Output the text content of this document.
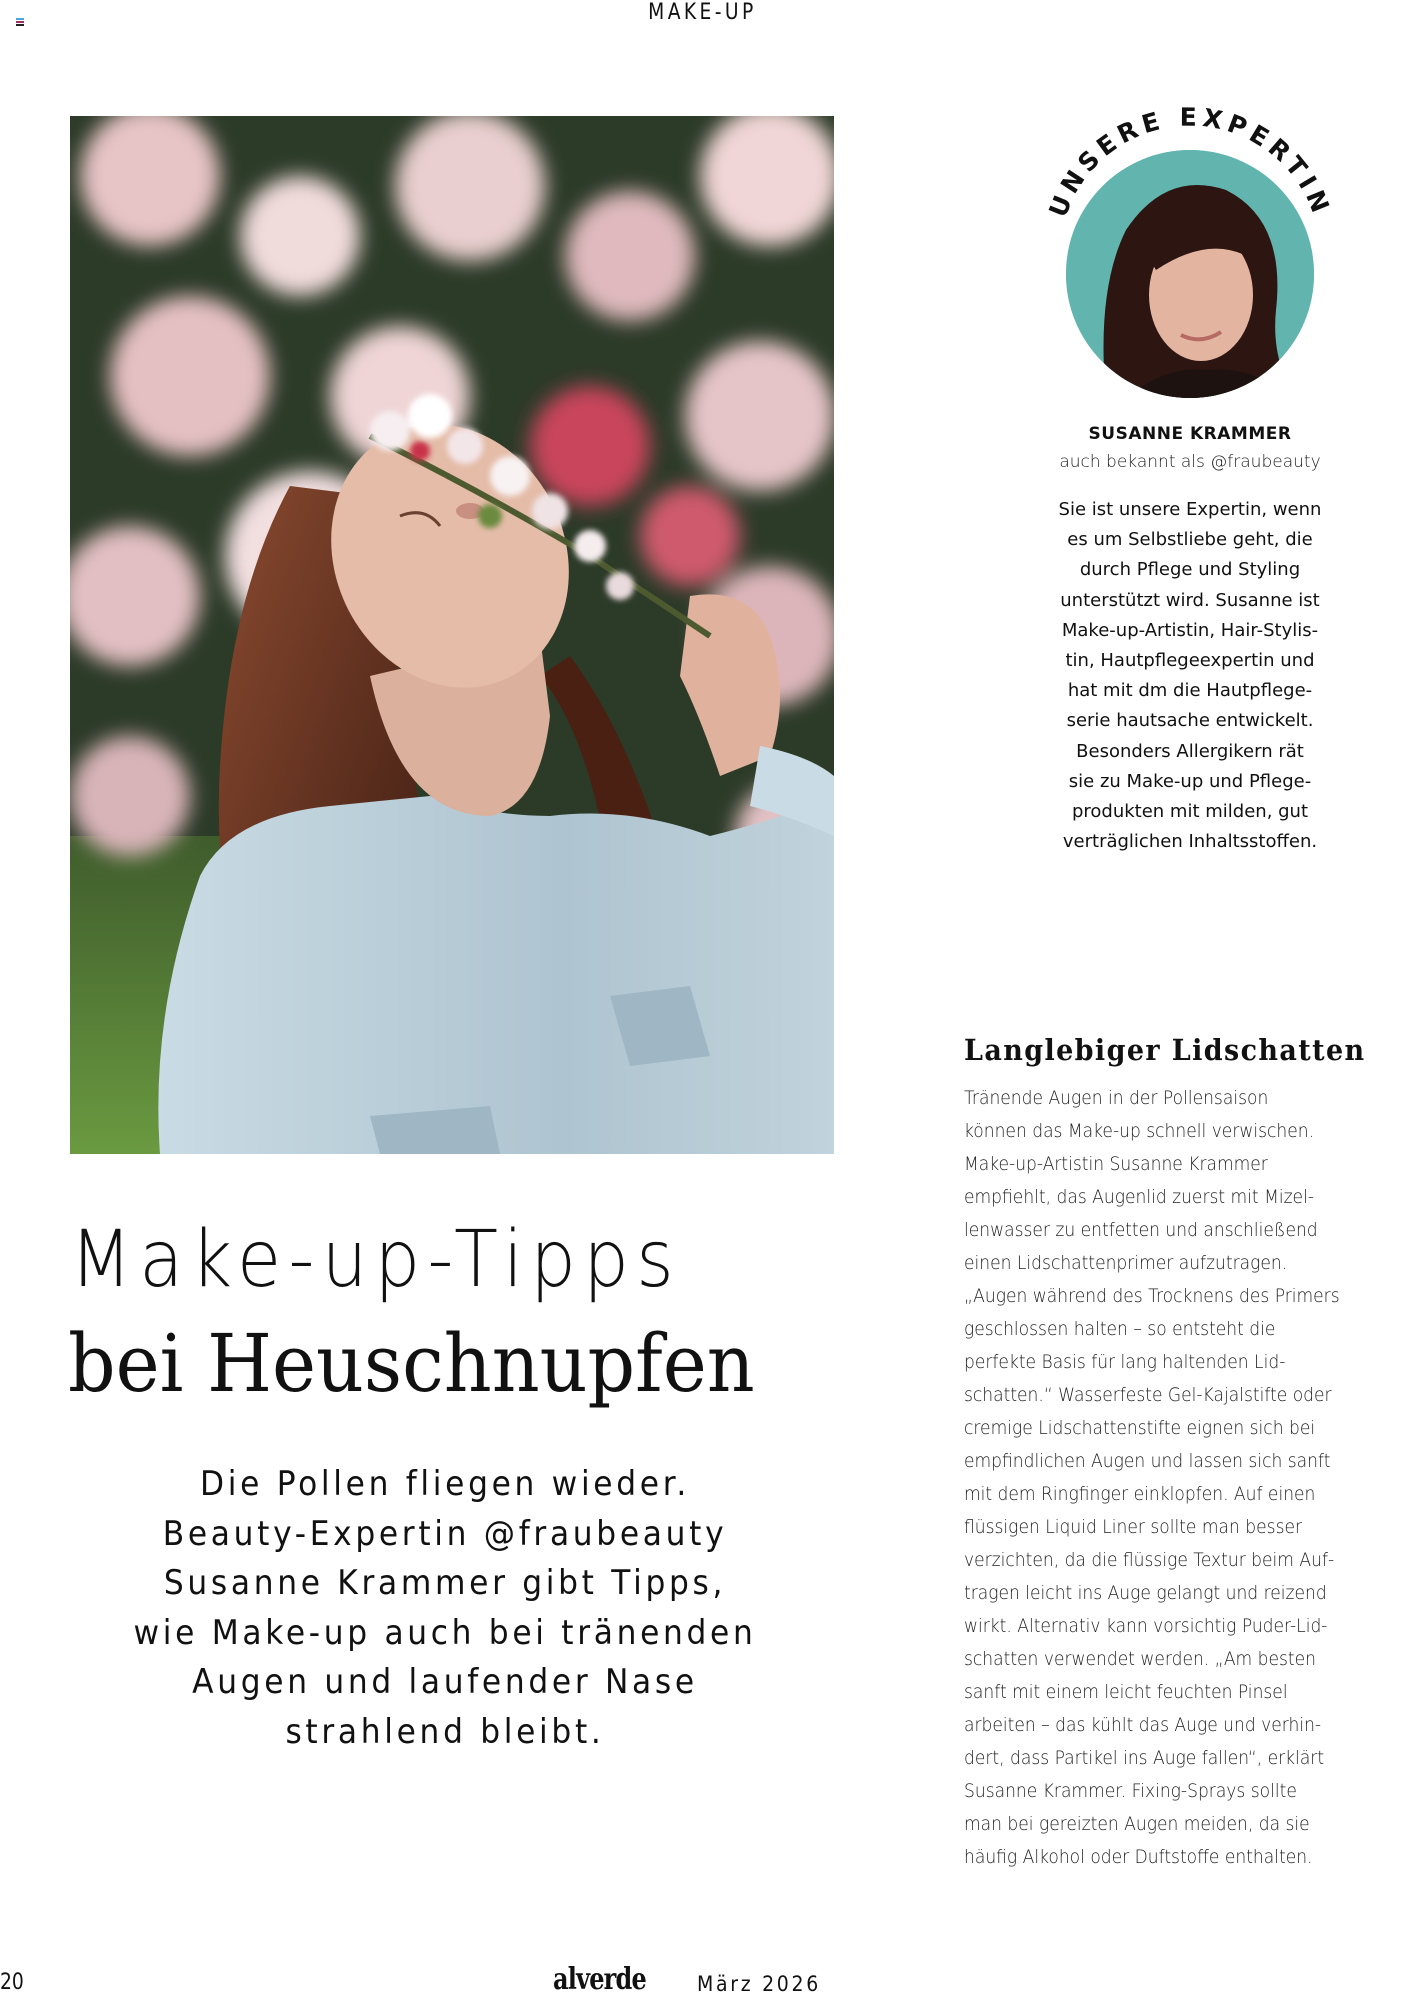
MAKE-UP
UNSERE EXPERTIN
SUSANNE KRAMMER
auch bekannt als @fraubeauty
Sie ist unsere Expertin, wenn
es um Selbstliebe geht, die
durch Pflege und Styling
unterstützt wird. Susanne ist
Make-up-Artistin, Hair-Stylis-
tin, Hautpflegeexpertin und
hat mit dm die Hautpflege-
serie hautsache entwickelt.
Besonders Allergikern rät
sie zu Make-up und Pflege-
produkten mit milden, gut
verträglichen Inhaltsstoffen.
Make-up-Tipps
bei Heuschnupfen
Die Pollen fliegen wieder.
Beauty-Expertin @fraubeauty
Susanne Krammer gibt Tipps,
wie Make-up auch bei tränenden
Augen und laufender Nase
strahlend bleibt.
Langlebiger Lidschatten
Tränende Augen in der Pollensaison
können das Make-up schnell verwischen.
Make-up-Artistin Susanne Krammer
empfiehlt, das Augenlid zuerst mit Mizel-
lenwasser zu entfetten und anschließend
einen Lidschattenprimer aufzutragen.
„Augen während des Trocknens des Primers
geschlossen halten – so entsteht die
perfekte Basis für lang haltenden Lid-
schatten.“ Wasserfeste Gel-Kajalstifte oder
cremige Lidschattenstifte eignen sich bei
empfindlichen Augen und lassen sich sanft
mit dem Ringfinger einklopfen. Auf einen
flüssigen Liquid Liner sollte man besser
verzichten, da die flüssige Textur beim Auf-
tragen leicht ins Auge gelangt und reizend
wirkt. Alternativ kann vorsichtig Puder-Lid-
schatten verwendet werden. „Am besten
sanft mit einem leicht feuchten Pinsel
arbeiten – das kühlt das Auge und verhin-
dert, dass Partikel ins Auge fallen“, erklärt
Susanne Krammer. Fixing-Sprays sollte
man bei gereizten Augen meiden, da sie
häufig Alkohol oder Duftstoffe enthalten.
20	alverde März 2026
